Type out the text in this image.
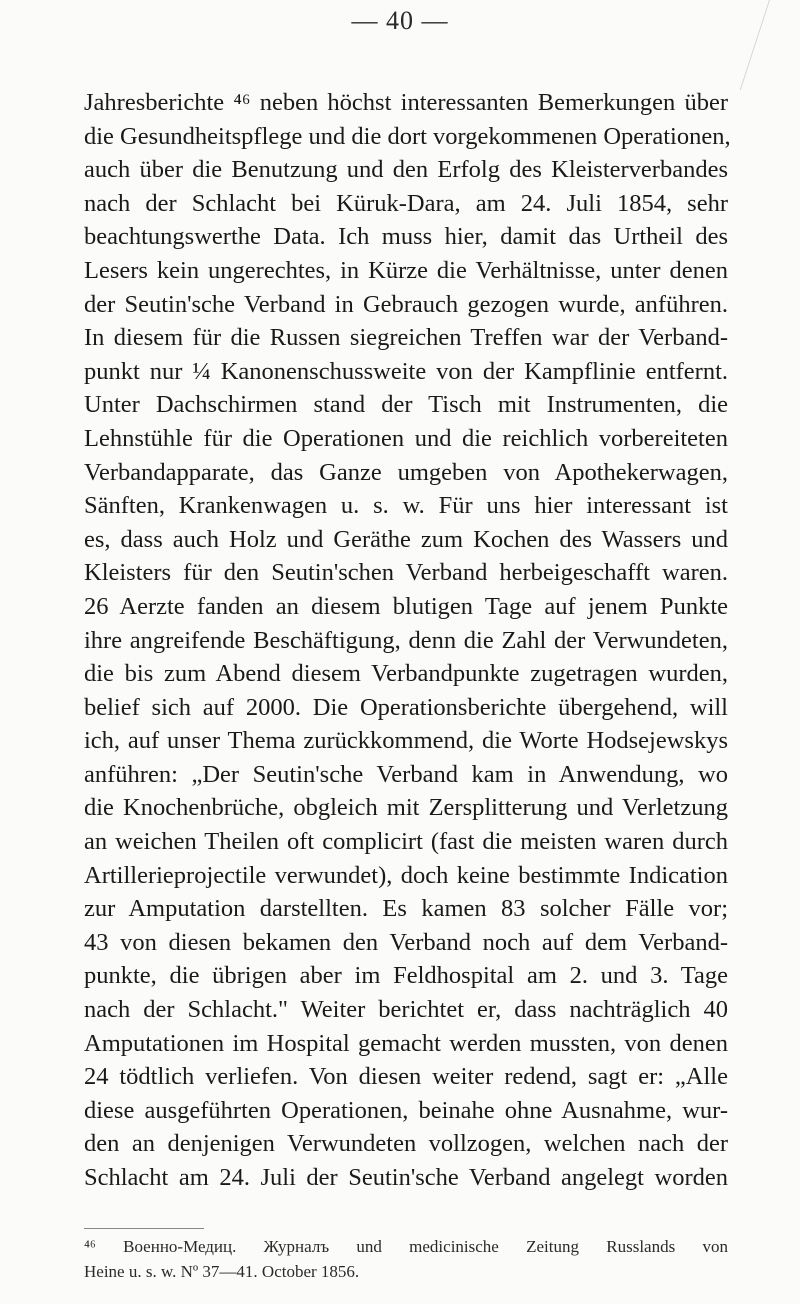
— 40 —
Jahresberichte ⁴⁶ neben höchst interessanten Bemerkungen über
die Gesundheitspflege und die dort vorgekommenen Operationen,
auch über die Benutzung und den Erfolg des Kleisterverbandes
nach der Schlacht bei Küruk-Dara, am 24. Juli 1854, sehr
beachtungswerthe Data. Ich muss hier, damit das Urtheil des
Lesers kein ungerechtes, in Kürze die Verhältnisse, unter denen
der Seutin'sche Verband in Gebrauch gezogen wurde, anführen.
In diesem für die Russen siegreichen Treffen war der Verband-
punkt nur ¼ Kanonenschussweite von der Kampflinie entfernt.
Unter Dachschirmen stand der Tisch mit Instrumenten, die
Lehnstühle für die Operationen und die reichlich vorbereiteten
Verbandapparate, das Ganze umgeben von Apothekerwagen,
Sänften, Krankenwagen u. s. w. Für uns hier interessant ist
es, dass auch Holz und Geräthe zum Kochen des Wassers und
Kleisters für den Seutin'schen Verband herbeigeschafft waren.
26 Aerzte fanden an diesem blutigen Tage auf jenem Punkte
ihre angreifende Beschäftigung, denn die Zahl der Verwundeten,
die bis zum Abend diesem Verbandpunkte zugetragen wurden,
belief sich auf 2000. Die Operationsberichte übergehend, will
ich, auf unser Thema zurückkommend, die Worte Hodsejewskys
anführen: „Der Seutin'sche Verband kam in Anwendung, wo
die Knochenbrüche, obgleich mit Zersplitterung und Verletzung
an weichen Theilen oft complicirt (fast die meisten waren durch
Artillerieprojectile verwundet), doch keine bestimmte Indication
zur Amputation darstellten. Es kamen 83 solcher Fälle vor;
43 von diesen bekamen den Verband noch auf dem Verband-
punkte, die übrigen aber im Feldhospital am 2. und 3. Tage
nach der Schlacht." Weiter berichtet er, dass nachträglich 40
Amputationen im Hospital gemacht werden mussten, von denen
24 tödtlich verliefen. Von diesen weiter redend, sagt er: „Alle
diese ausgeführten Operationen, beinahe ohne Ausnahme, wur-
den an denjenigen Verwundeten vollzogen, welchen nach der
Schlacht am 24. Juli der Seutin'sche Verband angelegt worden
⁴⁶ Военно-Медиц. Журналъ und medicinische Zeitung Russlands von
Heine u. s. w. Nº 37—41. October 1856.
